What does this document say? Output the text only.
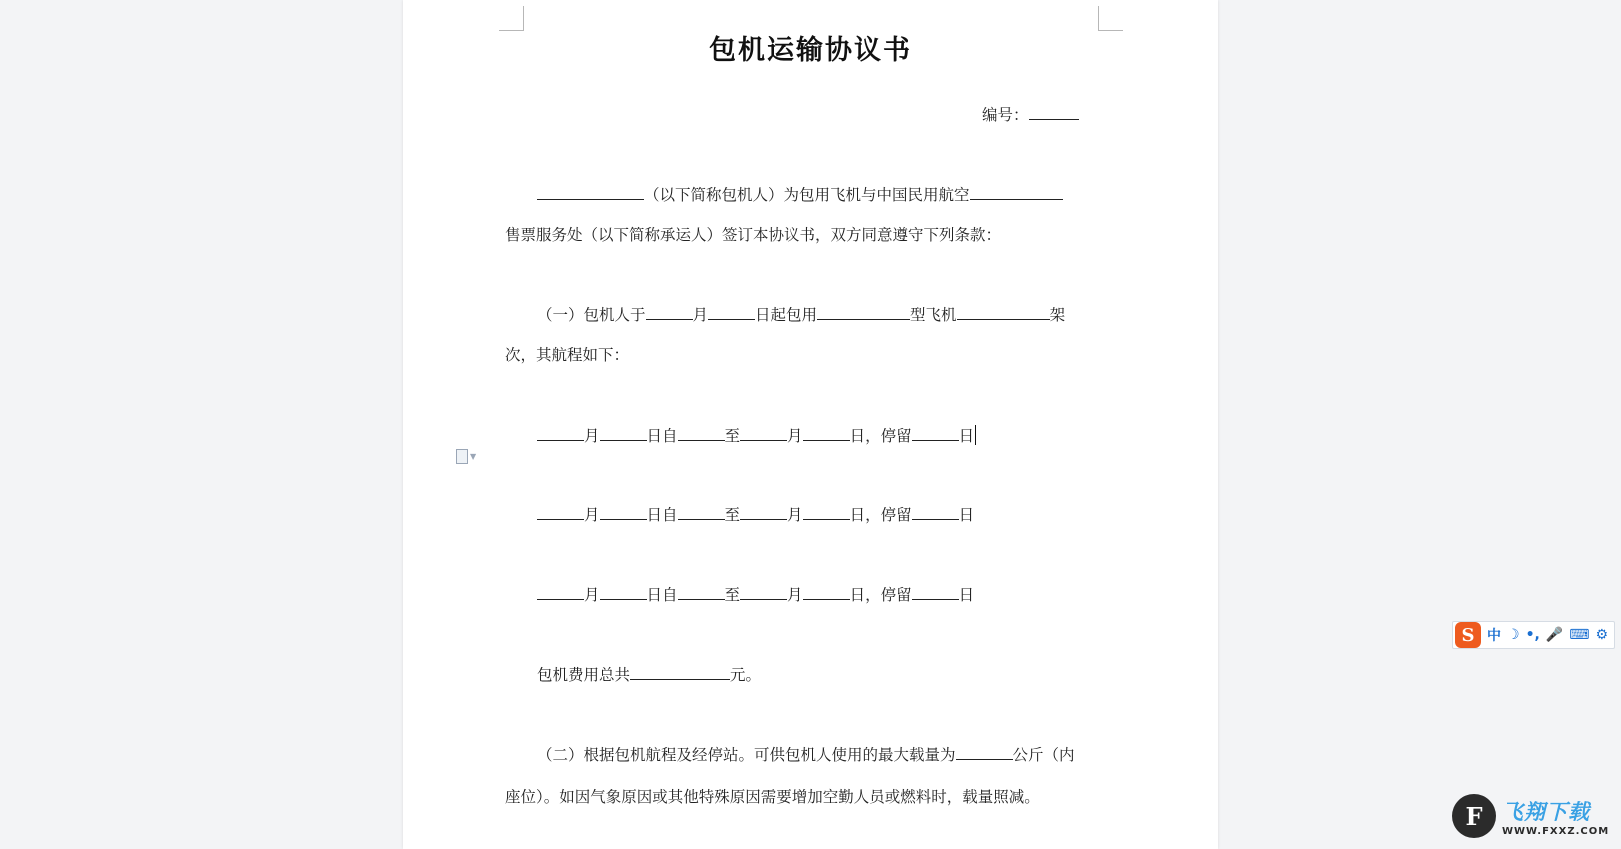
包机运输协议书
编号：
（以下简称包机人）为包用飞机与中国民用航空
售票服务处（以下简称承运人）签订本协议书，双方同意遵守下列条款：
（一）包机人于	月	日起包用	型飞机	架
次，其航程如下：
月	日自	至	月	日，停留	日
月	日自	至	月	日，停留	日
月	日自	至	月	日，停留	日
包机费用总共	元。
（二）根据包机航程及经停站。可供包机人使用的最大载量为	公斤（内
座位）。如因气象原因或其他特殊原因需要增加空勤人员或燃料时，载量照减。
▼
S 中 ☽ •, 🎤 ⌨ ⚙
F 飞翔下载
WWW.FXXZ.COM
